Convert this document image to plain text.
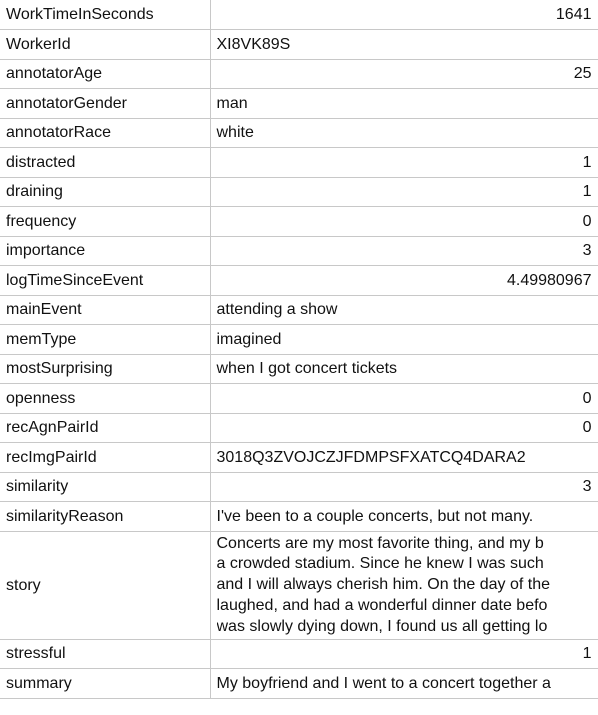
WorkTimeInSeconds	1641
WorkerId	XI8VK89S
annotatorAge	25
annotatorGender	man
annotatorRace	white
distracted	1
draining	1
frequency	0
importance	3
logTimeSinceEvent	4.49980967
mainEvent	attending a show
memType	imagined
mostSurprising	when I got concert tickets
openness	0
recAgnPairId	0
recImgPairId	3018Q3ZVOJCZJFDMPSFXATCQ4DARA2
similarity	3
similarityReason	I've been to a couple concerts, but not many.
story	Concerts are my most favorite thing, and my b
a crowded stadium. Since he knew I was such
and I will always cherish him. On the day of the
laughed, and had a wonderful dinner date befo
was slowly dying down, I found us all getting lo

stressful	1
summary	My boyfriend and I went to a concert together a
